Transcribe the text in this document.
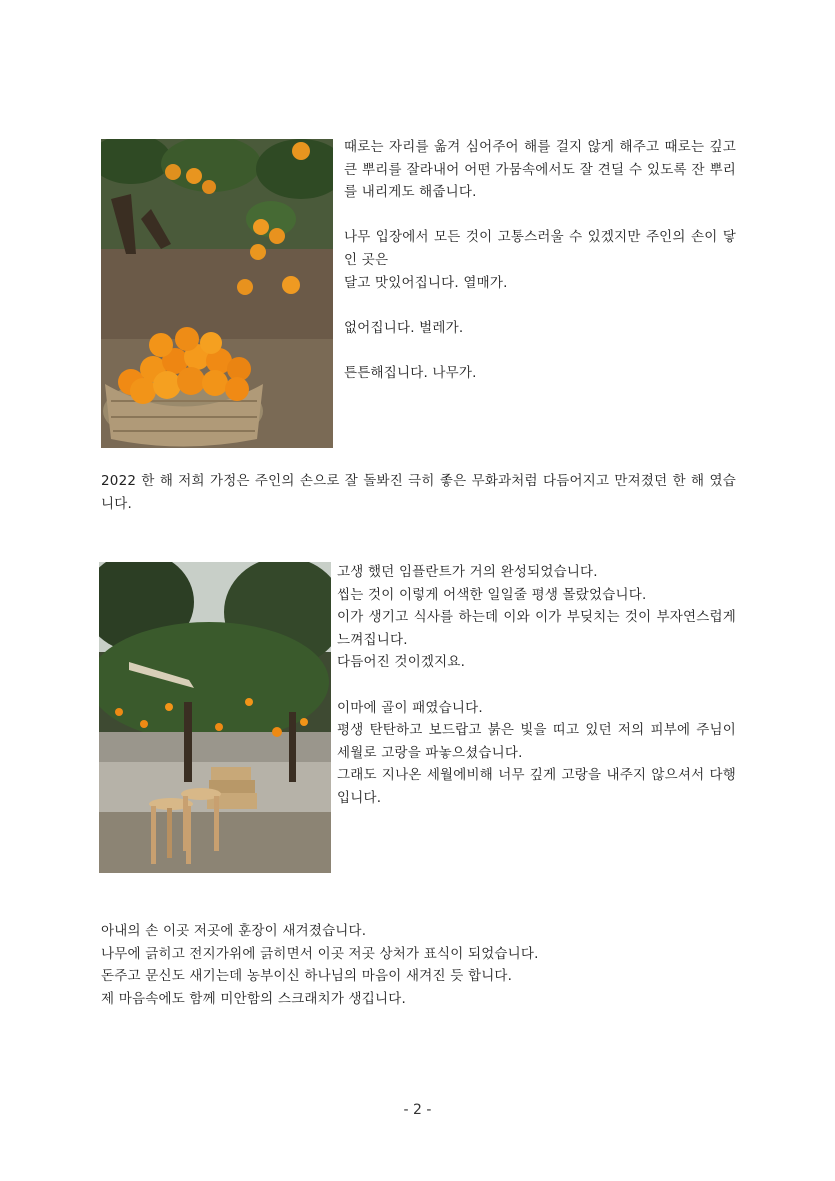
때로는 자리를 옮겨 심어주어 해를 걸지 않게 해주고 때로는 깊고 큰 뿌리를 잘라내어 어떤 가뭄속에서도 잘 견딜 수 있도록 잔 뿌리를 내리게도 해줍니다.

나무 입장에서 모든 것이 고통스러울 수 있겠지만 주인의 손이 닿인 곳은

달고 맛있어집니다. 열매가.

없어집니다. 벌레가.

튼튼해집니다. 나무가.

2022 한 해 저희 가정은 주인의 손으로 잘 돌봐진 극히 좋은 무화과처럼 다듬어지고 만져졌던 한 해 였습니다.

고생 했던 임플란트가 거의 완성되었습니다.

씹는 것이 이렇게 어색한 일일줄 평생 몰랐었습니다.

이가 생기고 식사를 하는데 이와 이가 부딪치는 것이 부자연스럽게 느껴집니다.

다듬어진 것이겠지요.

이마에 골이 패였습니다.

평생 탄탄하고 보드랍고 붉은 빛을 띠고 있던 저의 피부에 주님이 세월로 고랑을 파놓으셨습니다.

그래도 지나온 세월에비해 너무 깊게 고랑을 내주지 않으셔서 다행입니다.

아내의 손 이곳 저곳에 훈장이 새겨졌습니다.

나무에 긁히고 전지가위에 긁히면서 이곳 저곳 상처가 표식이 되었습니다.

돈주고 문신도 새기는데 농부이신 하나님의 마음이 새겨진 듯 합니다.

제 마음속에도 함께 미안함의 스크래치가 생깁니다.

- 2 -
